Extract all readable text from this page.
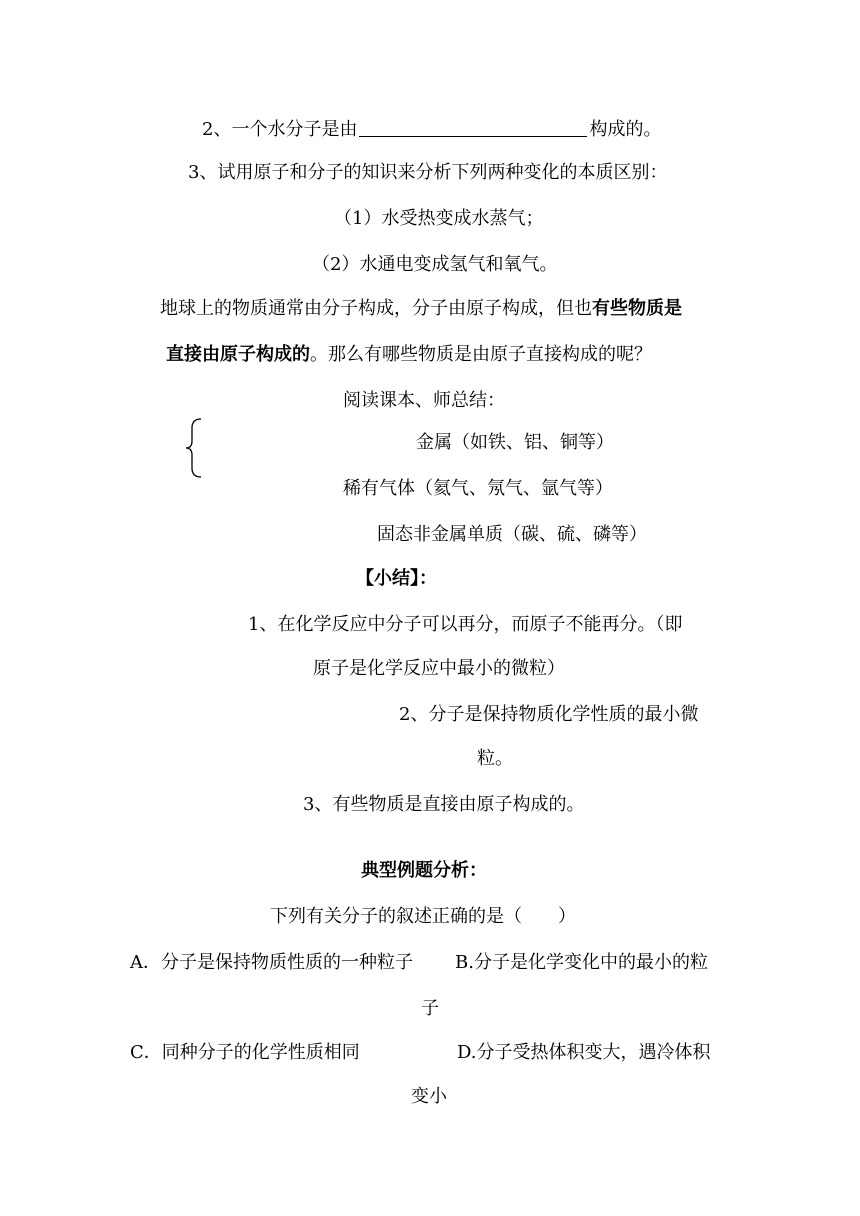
2、一个水分子是由	构成的。
3、试用原子和分子的知识来分析下列两种变化的本质区别：
（1）水受热变成水蒸气；
（2）水通电变成氢气和氧气。
地球上的物质通常由分子构成，分子由原子构成，但也有些物质是
直接由原子构成的。那么有哪些物质是由原子直接构成的呢？
阅读课本、师总结：
金属（如铁、铝、铜等）
稀有气体（氦气、氖气、氩气等）
固态非金属单质（碳、硫、磷等）
【小结】：
1、在化学反应中分子可以再分，而原子不能再分。（即
原子是化学反应中最小的微粒）
2、分子是保持物质化学性质的最小微
粒。
3、有些物质是直接由原子构成的。
典型例题分析：
下列有关分子的叙述正确的是（　　）
A．分子是保持物质性质的一种粒子 B.分子是化学变化中的最小的粒
子
C．同种分子的化学性质相同	D.分子受热体积变大，遇冷体积
变小
